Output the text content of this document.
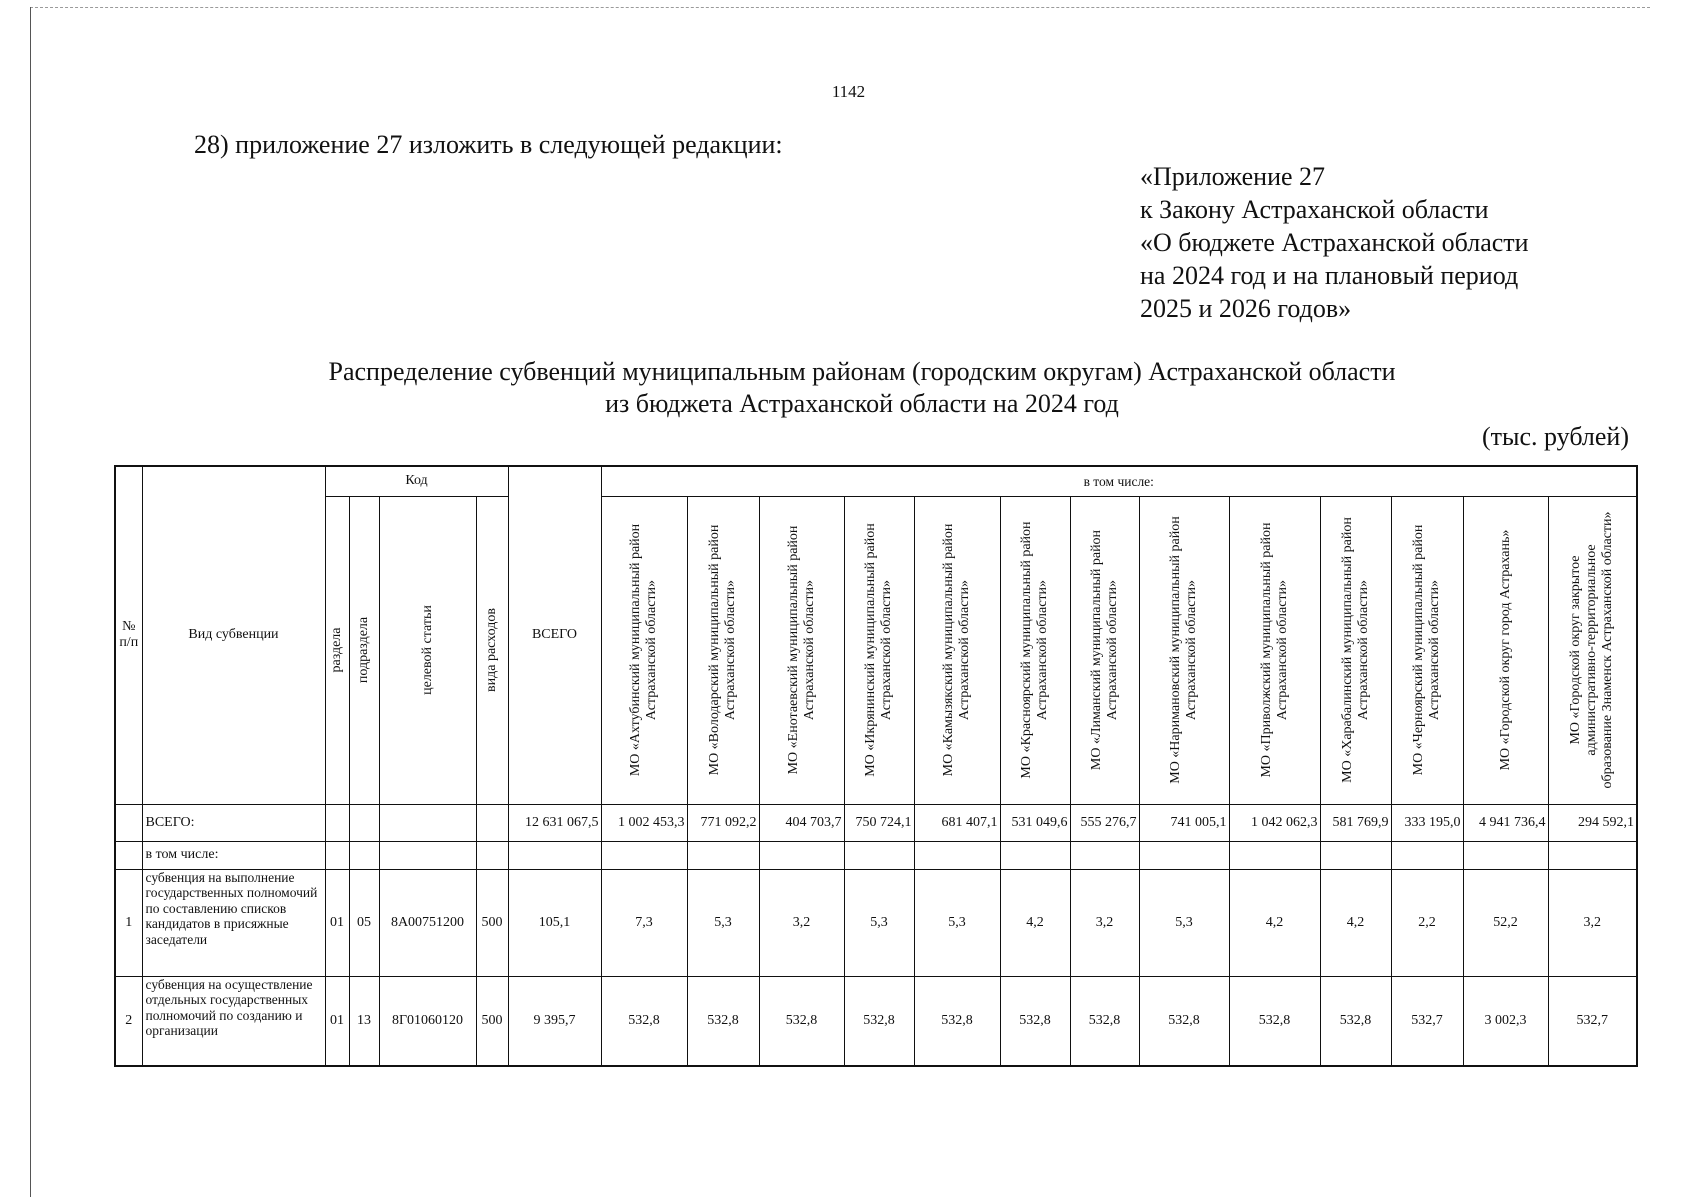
1142
28) приложение 27 изложить в следующей редакции:
«Приложение 27
к Закону Астраханской области
«О бюджете Астраханской области
на 2024 год и на плановый период
2025 и 2026 годов»
Распределение субвенций муниципальным районам (городским округам) Астраханской области
из бюджета Астраханской области на 2024 год
(тыс. рублей)
№ п/п	Вид субвенции	Код				ВСЕГО	в том числе:												

		раздела	подраздела	целевой статьи	вида расходов		МО «Ахтубинский муниципальный район Астраханской области»	МО «Володарский муниципальный район Астраханской области»	МО «Енотаевский муниципальный район Астраханской области»	МО «Икрянинский муниципальный район Астраханской области»	МО «Камызякский муниципальный район Астраханской области»	МО «Красноярский муниципальный район Астраханской области»	МО «Лиманский муниципальный район Астраханской области»	МО «Наримановский муниципальный район Астраханской области»	МО «Приволжский муниципальный район Астраханской области»	МО «Харабалинский муниципальный район Астраханской области»	МО «Черноярский муниципальный район Астраханской области»	МО «Городской округ город Астрахань»	МО «Городской округ закрытое административно-территориальное образование Знаменск Астраханской области»

	ВСЕГО:					12 631 067,5	1 002 453,3	771 092,2	404 703,7	750 724,1	681 407,1	531 049,6	555 276,7	741 005,1	1 042 062,3	581 769,9	333 195,0	4 941 736,4	294 592,1
	в том числе:																		
1	субвенция на выполнение государственных полномочий по составлению списков кандидатов в присяжные заседатели	01	05	8А00751200	500	105,1	7,3	5,3	3,2	5,3	5,3	4,2	3,2	5,3	4,2	4,2	2,2	52,2	3,2
2	субвенция на осуществление отдельных государственных полномочий по созданию и организации	01	13	8Г01060120	500	9 395,7	532,8	532,8	532,8	532,8	532,8	532,8	532,8	532,8	532,8	532,8	532,7	3 002,3	532,7
